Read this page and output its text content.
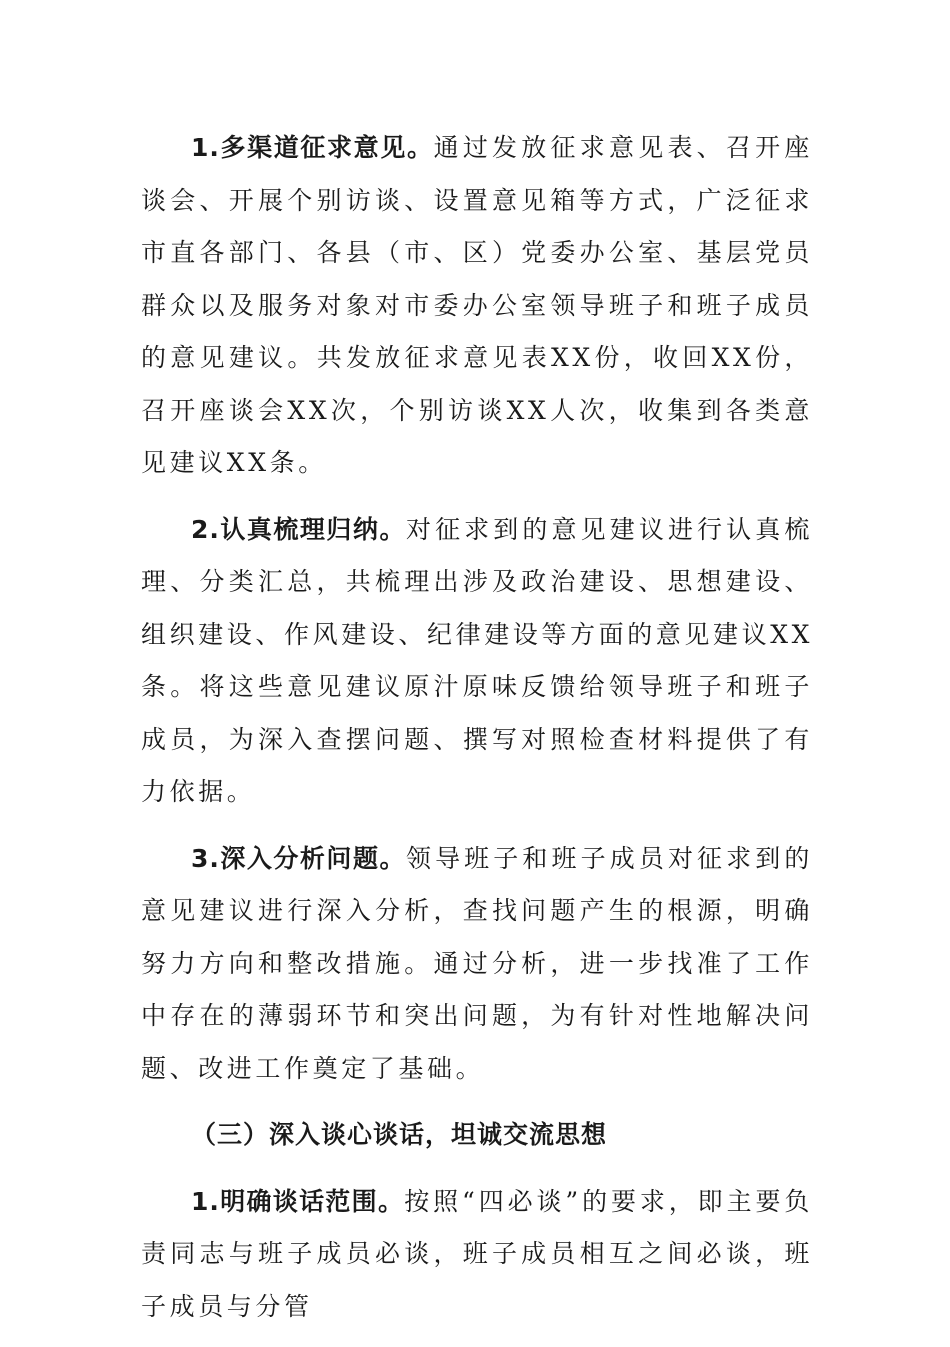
1.多渠道征求意见。通过发放征求意见表、召开座谈会、开展个别访谈、设置意见箱等方式，广泛征求市直各部门、各县（市、区）党委办公室、基层党员群众以及服务对象对市委办公室领导班子和班子成员的意见建议。共发放征求意见表XX份，收回XX份，召开座谈会XX次，个别访谈XX人次，收集到各类意见建议XX条。

2.认真梳理归纳。对征求到的意见建议进行认真梳理、分类汇总，共梳理出涉及政治建设、思想建设、组织建设、作风建设、纪律建设等方面的意见建议XX条。将这些意见建议原汁原味反馈给领导班子和班子成员，为深入查摆问题、撰写对照检查材料提供了有力依据。

3.深入分析问题。领导班子和班子成员对征求到的意见建议进行深入分析，查找问题产生的根源，明确努力方向和整改措施。通过分析，进一步找准了工作中存在的薄弱环节和突出问题，为有针对性地解决问题、改进工作奠定了基础。

（三）深入谈心谈话，坦诚交流思想

1.明确谈话范围。按照“四必谈”的要求，即主要负责同志与班子成员必谈，班子成员相互之间必谈，班子成员与分管
